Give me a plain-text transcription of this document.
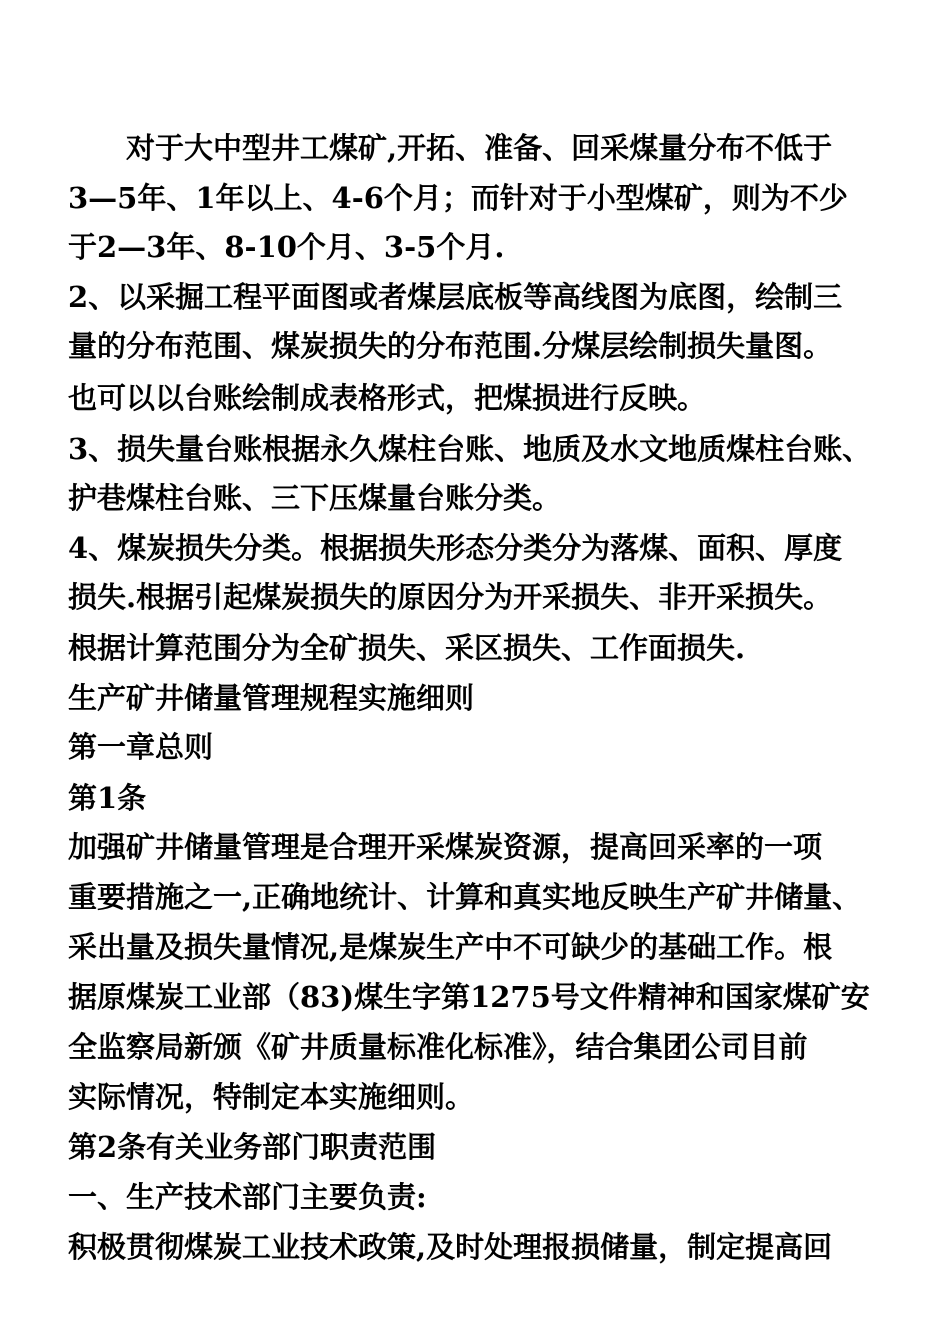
对于大中型井工煤矿,开拓、准备、回采煤量分布不低于
3—5年、1年以上、4-6个月；而针对于小型煤矿，则为不少
于2—3年、8-10个月、3-5个月.
2、以采掘工程平面图或者煤层底板等高线图为底图，绘制三
量的分布范围、煤炭损失的分布范围.分煤层绘制损失量图。
也可以以台账绘制成表格形式，把煤损进行反映。
3、损失量台账根据永久煤柱台账、地质及水文地质煤柱台账、
护巷煤柱台账、三下压煤量台账分类。
4、煤炭损失分类。根据损失形态分类分为落煤、面积、厚度
损失.根据引起煤炭损失的原因分为开采损失、非开采损失。
根据计算范围分为全矿损失、采区损失、工作面损失.
生产矿井储量管理规程实施细则
第一章总则
第1条
加强矿井储量管理是合理开采煤炭资源，提高回采率的一项
重要措施之一,正确地统计、计算和真实地反映生产矿井储量、
采出量及损失量情况,是煤炭生产中不可缺少的基础工作。根
据原煤炭工业部（83)煤生字第1275号文件精神和国家煤矿安
全监察局新颁《矿井质量标准化标准》，结合集团公司目前
实际情况，特制定本实施细则。
第2条有关业务部门职责范围
一、生产技术部门主要负责:
积极贯彻煤炭工业技术政策,及时处理报损储量，制定提高回
